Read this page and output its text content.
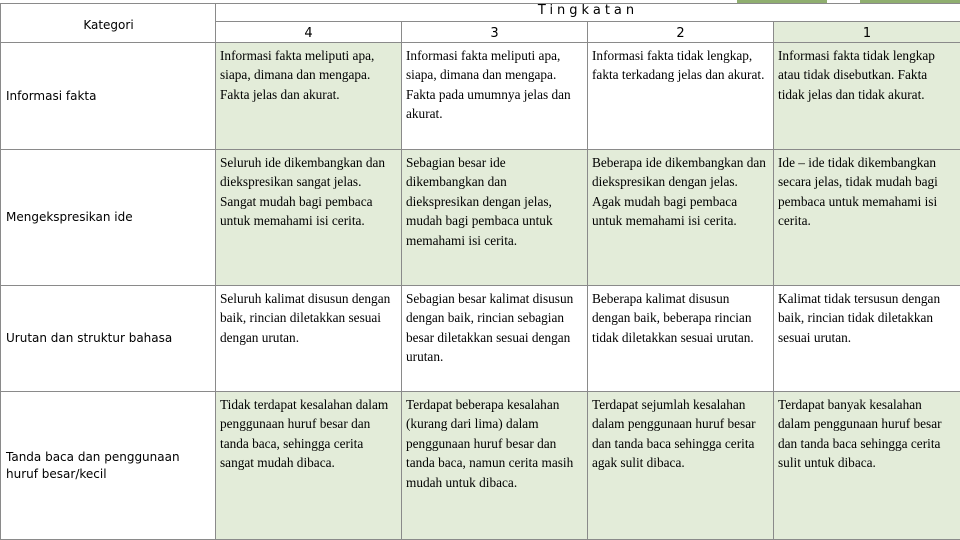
Kategori	Tingkatan			
	4	3	2	1
Informasi fakta	Informasi fakta meliputi apa, siapa, dimana dan mengapa. Fakta jelas dan akurat.	Informasi fakta meliputi apa, siapa, dimana dan mengapa. Fakta pada umumnya jelas dan akurat.	Informasi fakta tidak lengkap, fakta terkadang jelas dan akurat.	Informasi fakta tidak lengkap atau tidak disebutkan. Fakta tidak jelas dan tidak akurat.
Mengekspresikan ide	Seluruh ide dikembangkan dan diekspresikan sangat jelas. Sangat mudah bagi pembaca untuk memahami isi cerita.	Sebagian besar ide dikembangkan dan diekspresikan dengan jelas, mudah bagi pembaca untuk memahami isi cerita.	Beberapa ide dikembangkan dan diekspresikan dengan jelas. Agak mudah bagi pembaca untuk memahami isi cerita.	Ide – ide tidak dikembangkan secara jelas, tidak mudah bagi pembaca untuk memahami isi cerita.
Urutan dan struktur bahasa	Seluruh kalimat disusun dengan baik, rincian diletakkan sesuai dengan urutan.	Sebagian besar kalimat disusun dengan baik, rincian sebagian besar diletakkan sesuai dengan urutan.	Beberapa kalimat disusun dengan baik, beberapa rincian tidak diletakkan sesuai urutan.	Kalimat tidak tersusun dengan baik, rincian tidak diletakkan sesuai urutan.
Tanda baca dan penggunaan huruf besar/kecil	Tidak terdapat kesalahan dalam penggunaan huruf besar dan tanda baca, sehingga cerita sangat mudah dibaca.	Terdapat beberapa kesalahan (kurang dari lima) dalam penggunaan huruf besar dan tanda baca, namun cerita masih mudah untuk dibaca.	Terdapat sejumlah kesalahan dalam penggunaan huruf besar dan tanda baca sehingga cerita agak sulit dibaca.	Terdapat banyak kesalahan dalam penggunaan huruf besar dan tanda baca sehingga cerita sulit untuk dibaca.
